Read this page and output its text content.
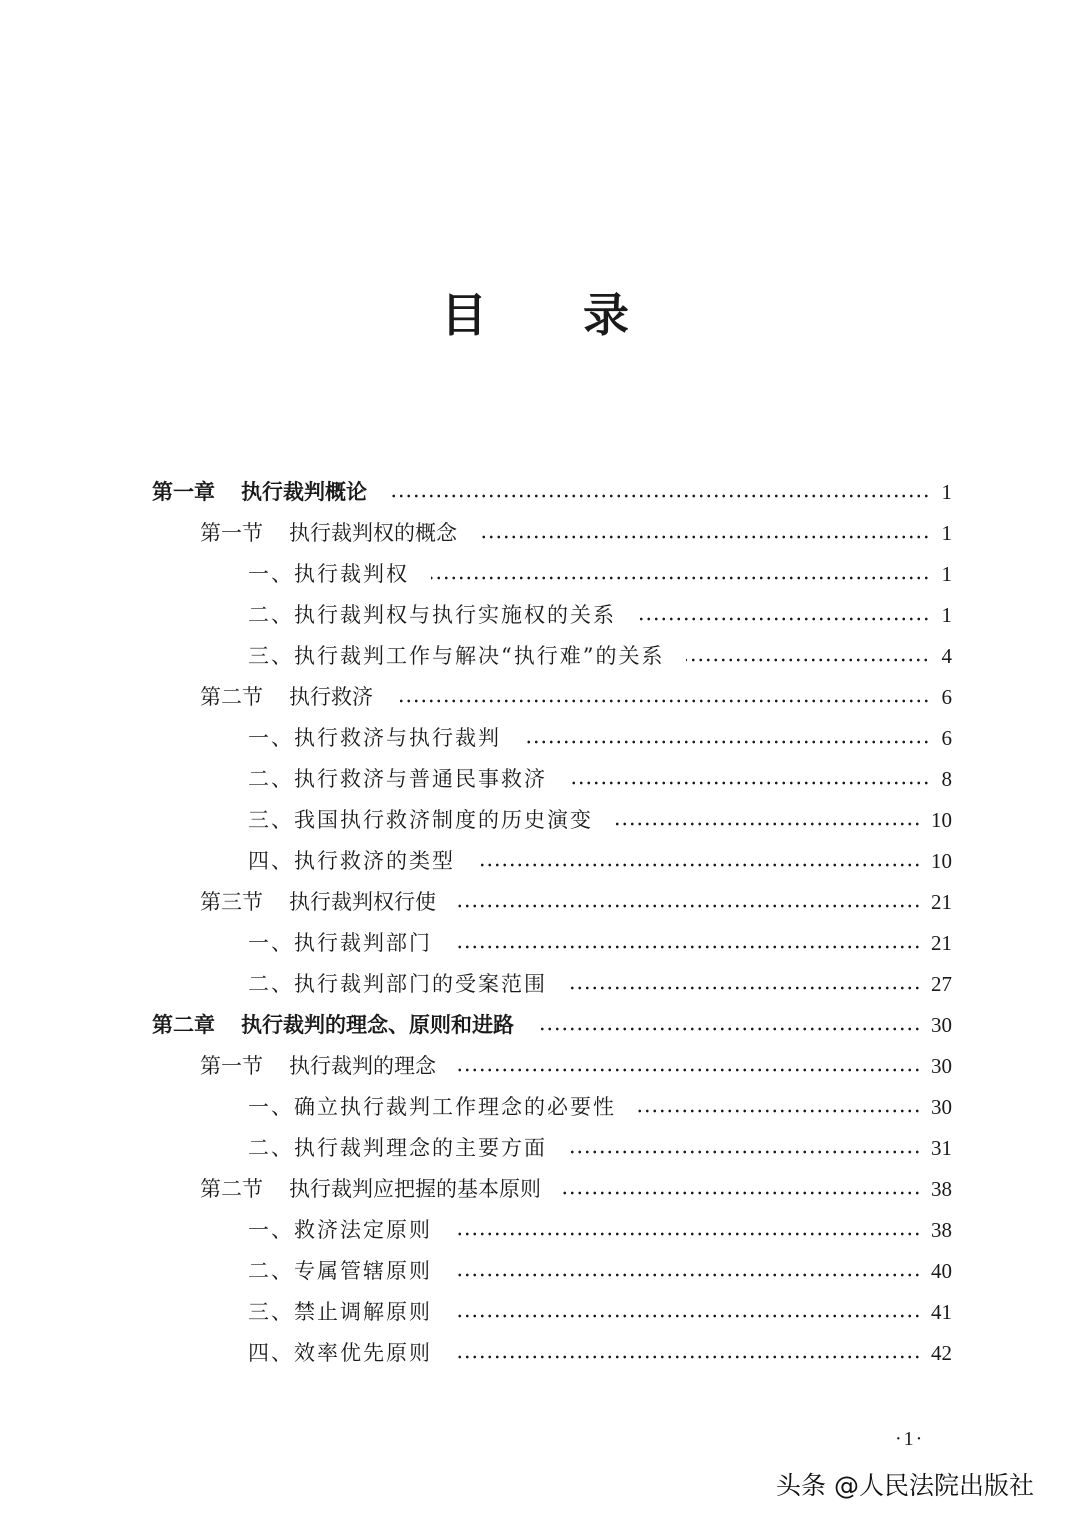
目 录
第一章 执行裁判概论	1
第一节 执行裁判权的概念	1
一、执行裁判权	1
二、执行裁判权与执行实施权的关系	1
三、执行裁判工作与解决“执行难”的关系	4
第二节 执行救济	6
一、执行救济与执行裁判	6
二、执行救济与普通民事救济	8
三、我国执行救济制度的历史演变	10
四、执行救济的类型	10
第三节 执行裁判权行使	21
一、执行裁判部门	21
二、执行裁判部门的受案范围	27
第二章 执行裁判的理念、原则和进路	30
第一节 执行裁判的理念	30
一、确立执行裁判工作理念的必要性	30
二、执行裁判理念的主要方面	31
第二节 执行裁判应把握的基本原则	38
一、救济法定原则	38
二、专属管辖原则	40
三、禁止调解原则	41
四、效率优先原则	42
·1·
头条 @人民法院出版社
